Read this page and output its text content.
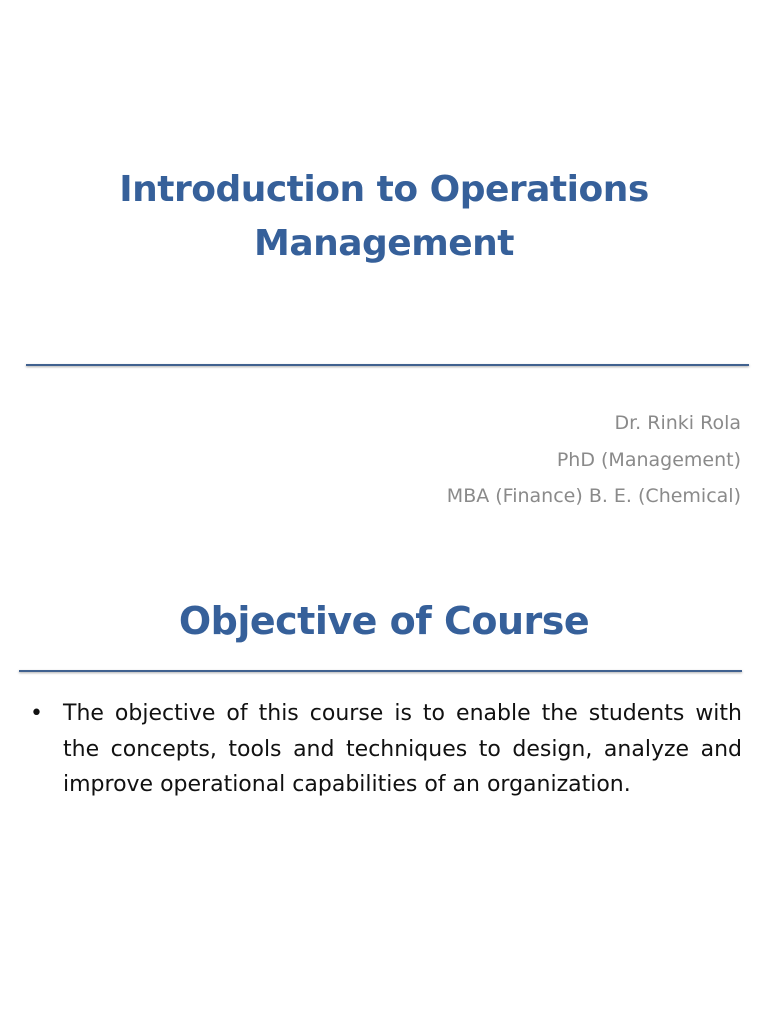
Introduction to Operations
Management
Dr. Rinki Rola
PhD (Management)
MBA (Finance) B. E. (Chemical)
Objective of Course
• The objective of this course is to enable the students with the concepts, tools and techniques to design, analyze and improve operational capabilities of an organization.
